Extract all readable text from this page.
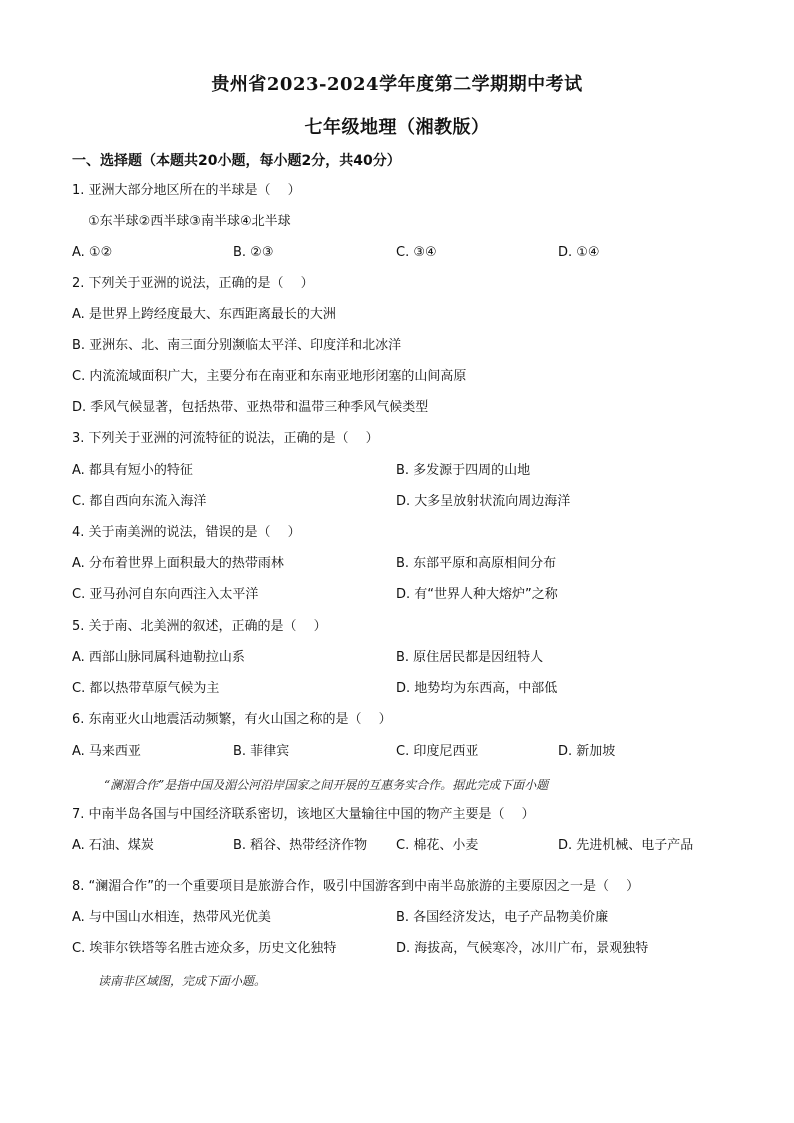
贵州省2023-2024学年度第二学期期中考试
七年级地理（湘教版）
一、选择题（本题共20小题，每小题2分，共40分）
1. 亚洲大部分地区所在的半球是（　 ）
①东半球②西半球③南半球④北半球
A. ①②	B. ②③	C. ③④	D. ①④
2. 下列关于亚洲的说法，正确的是（　 ）
A. 是世界上跨经度最大、东西距离最长的大洲
B. 亚洲东、北、南三面分别濒临太平洋、印度洋和北冰洋
C. 内流流域面积广大，主要分布在南亚和东南亚地形闭塞的山间高原
D. 季风气候显著，包括热带、亚热带和温带三种季风气候类型
3. 下列关于亚洲的河流特征的说法，正确的是（　 ）
A. 都具有短小的特征	B. 多发源于四周的山地
C. 都自西向东流入海洋	D. 大多呈放射状流向周边海洋
4. 关于南美洲的说法，错误的是（　 ）
A. 分布着世界上面积最大的热带雨林	B. 东部平原和高原相间分布
C. 亚马孙河自东向西注入太平洋	D. 有“世界人种大熔炉”之称
5. 关于南、北美洲的叙述，正确的是（　 ）
A. 西部山脉同属科迪勒拉山系	B. 原住居民都是因纽特人
C. 都以热带草原气候为主	D. 地势均为东西高，中部低
6. 东南亚火山地震活动频繁，有火山国之称的是（　 ）
A. 马来西亚	B. 菲律宾	C. 印度尼西亚	D. 新加坡
“澜湄合作”是指中国及湄公河沿岸国家之间开展的互惠务实合作。据此完成下面小题
7. 中南半岛各国与中国经济联系密切，该地区大量输往中国的物产主要是（　 ）
A. 石油、煤炭	B. 稻谷、热带经济作物 C. 棉花、小麦	D. 先进机械、电子产品
8. “澜湄合作”的一个重要项目是旅游合作，吸引中国游客到中南半岛旅游的主要原因之一是（　 ）
A. 与中国山水相连，热带风光优美	B. 各国经济发达，电子产品物美价廉
C. 埃菲尔铁塔等名胜古迹众多，历史文化独特	D. 海拔高，气候寒冷，冰川广布，景观独特
读南非区域图，完成下面小题。
